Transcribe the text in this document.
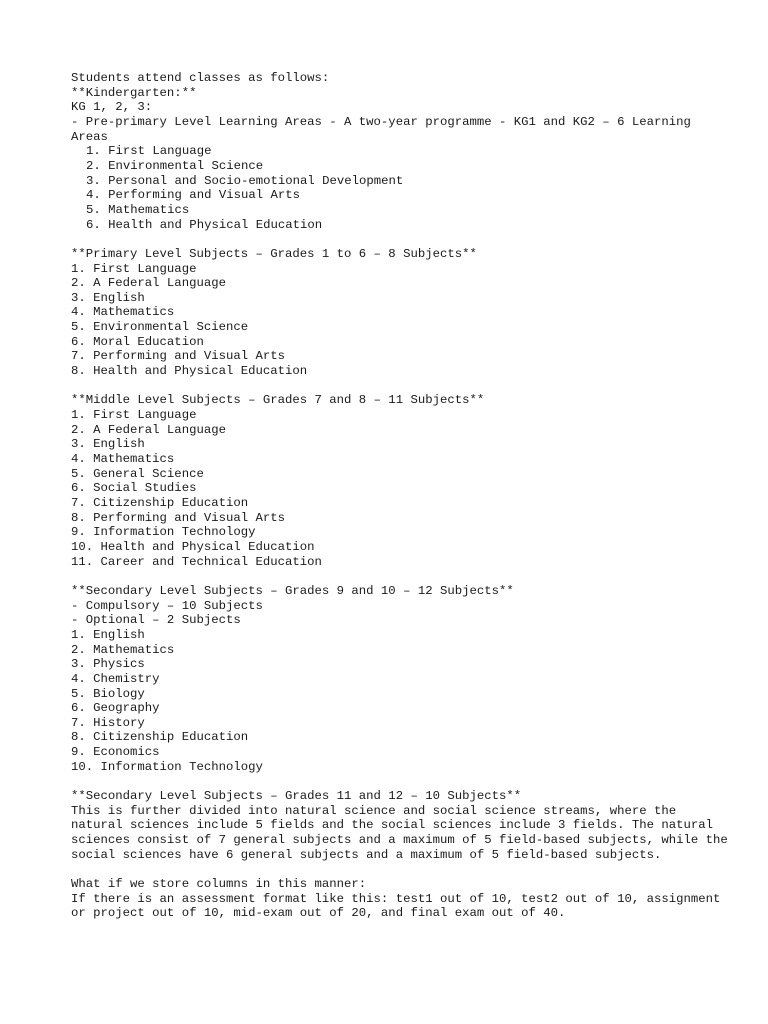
Students attend classes as follows:
**Kindergarten:**
KG 1, 2, 3:
- Pre-primary Level Learning Areas - A two-year programme - KG1 and KG2 – 6 Learning Areas
1. First Language
2. Environmental Science
3. Personal and Socio-emotional Development
4. Performing and Visual Arts
5. Mathematics
6. Health and Physical Education
**Primary Level Subjects – Grades 1 to 6 – 8 Subjects**
1. First Language
2. A Federal Language
3. English
4. Mathematics
5. Environmental Science
6. Moral Education
7. Performing and Visual Arts
8. Health and Physical Education
**Middle Level Subjects – Grades 7 and 8 – 11 Subjects**
1. First Language
2. A Federal Language
3. English
4. Mathematics
5. General Science
6. Social Studies
7. Citizenship Education
8. Performing and Visual Arts
9. Information Technology
10. Health and Physical Education
11. Career and Technical Education
**Secondary Level Subjects – Grades 9 and 10 – 12 Subjects**
- Compulsory – 10 Subjects
- Optional – 2 Subjects
1. English
2. Mathematics
3. Physics
4. Chemistry
5. Biology
6. Geography
7. History
8. Citizenship Education
9. Economics
10. Information Technology
**Secondary Level Subjects – Grades 11 and 12 – 10 Subjects**
This is further divided into natural science and social science streams, where the natural sciences include 5 fields and the social sciences include 3 fields. The natural sciences consist of 7 general subjects and a maximum of 5 field-based subjects, while the social sciences have 6 general subjects and a maximum of 5 field-based subjects.
What if we store columns in this manner:
If there is an assessment format like this: test1 out of 10, test2 out of 10, assignment or project out of 10, mid-exam out of 20, and final exam out of 40.
